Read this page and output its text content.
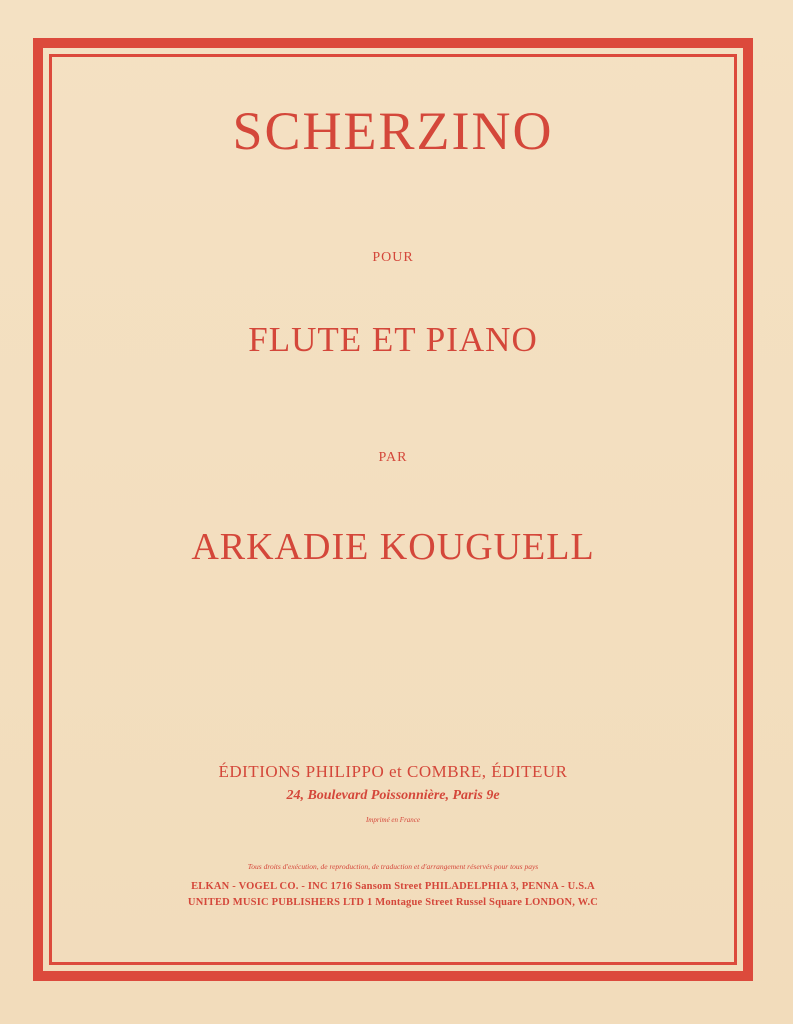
SCHERZINO
POUR
FLUTE ET PIANO
PAR
ARKADIE KOUGUELL
ÉDITIONS PHILIPPO et COMBRE, ÉDITEUR
24, Boulevard Poissonnière, Paris 9e
Imprimé en France
Tous droits d'exécution, de reproduction, de traduction et d'arrangement réservés pour tous pays
ELKAN - VOGEL CO. - INC 1716 Sansom Street PHILADELPHIA 3, PENNA - U.S.A
UNITED MUSIC PUBLISHERS LTD 1 Montague Street Russel Square LONDON, W.C
